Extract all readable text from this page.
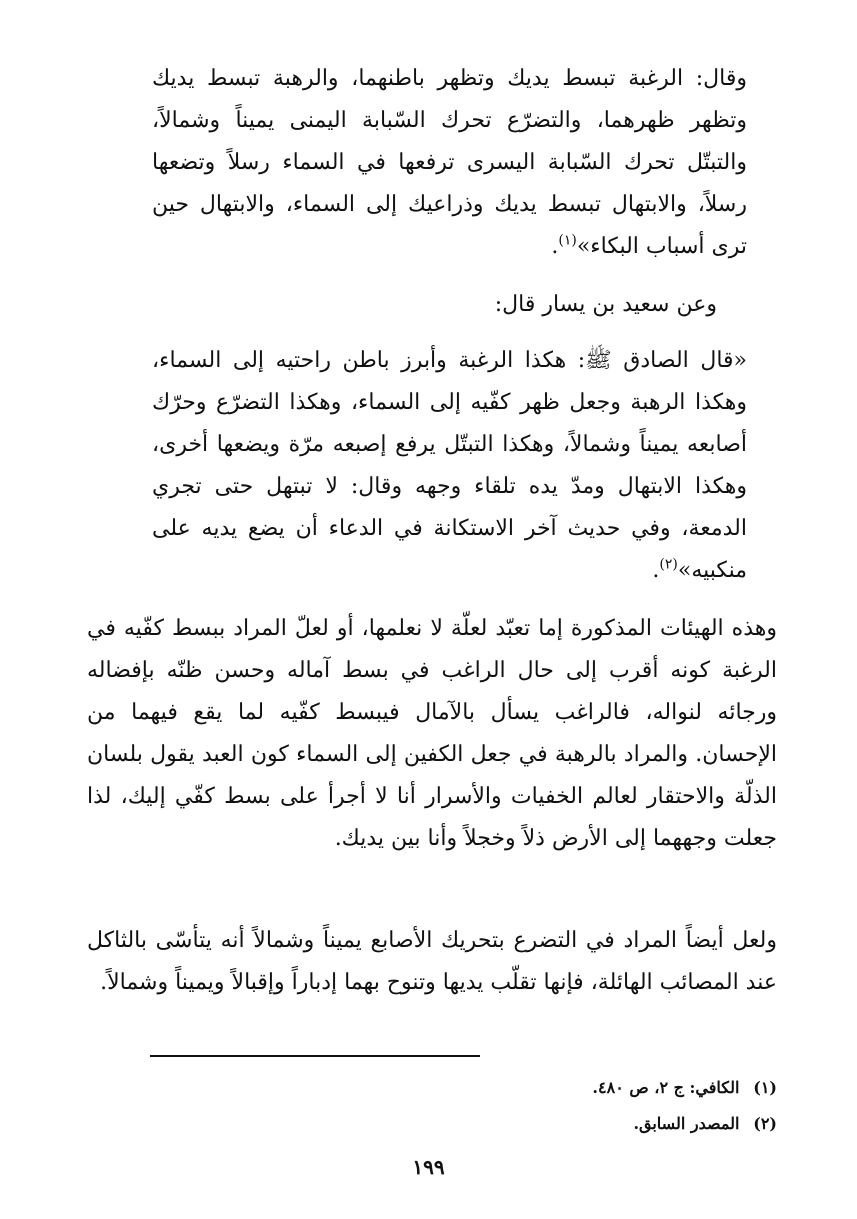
وقال: الرغبة تبسط يديك وتظهر باطنهما، والرهبة تبسط يديك وتظهر ظهرهما، والتضرّع تحرك السّبابة اليمنى يميناً وشمالاً، والتبتّل تحرك السّبابة اليسرى ترفعها في السماء رسلاً وتضعها رسلاً، والابتهال تبسط يديك وذراعيك إلى السماء، والابتهال حين ترى أسباب البكاء»$^{(١)}$.
وعن سعيد بن يسار قال:
«قال الصادق ﷺ: هكذا الرغبة وأبرز باطن راحتيه إلى السماء، وهكذا الرهبة وجعل ظهر كفّيه إلى السماء، وهكذا التضرّع وحرّك أصابعه يميناً وشمالاً، وهكذا التبتّل يرفع إصبعه مرّة ويضعها أخرى، وهكذا الابتهال ومدّ يده تلقاء وجهه وقال: لا تبتهل حتى تجري الدمعة، وفي حديث آخر الاستكانة في الدعاء أن يضع يديه على منكبيه»$^{(٢)}$.
وهذه الهيئات المذكورة إما تعبّد لعلّة لا نعلمها، أو لعلّ المراد ببسط كفّيه في الرغبة كونه أقرب إلى حال الراغب في بسط آماله وحسن ظنّه بإفضاله ورجائه لنواله، فالراغب يسأل بالآمال فيبسط كفّيه لما يقع فيهما من الإحسان. والمراد بالرهبة في جعل الكفين إلى السماء كون العبد يقول بلسان الذلّة والاحتقار لعالم الخفيات والأسرار أنا لا أجرأ على بسط كفّي إليك، لذا جعلت وجههما إلى الأرض ذلاً وخجلاً وأنا بين يديك.
ولعل أيضاً المراد في التضرع بتحريك الأصابع يميناً وشمالاً أنه يتأسّى بالثاكل عند المصائب الهائلة، فإنها تقلّب يديها وتنوح بهما إدباراً وإقبالاً ويميناً وشمالاً.
(١) الكافي: ج ٢، ص ٤٨٠.
(٢) المصدر السابق.
١٩٩
